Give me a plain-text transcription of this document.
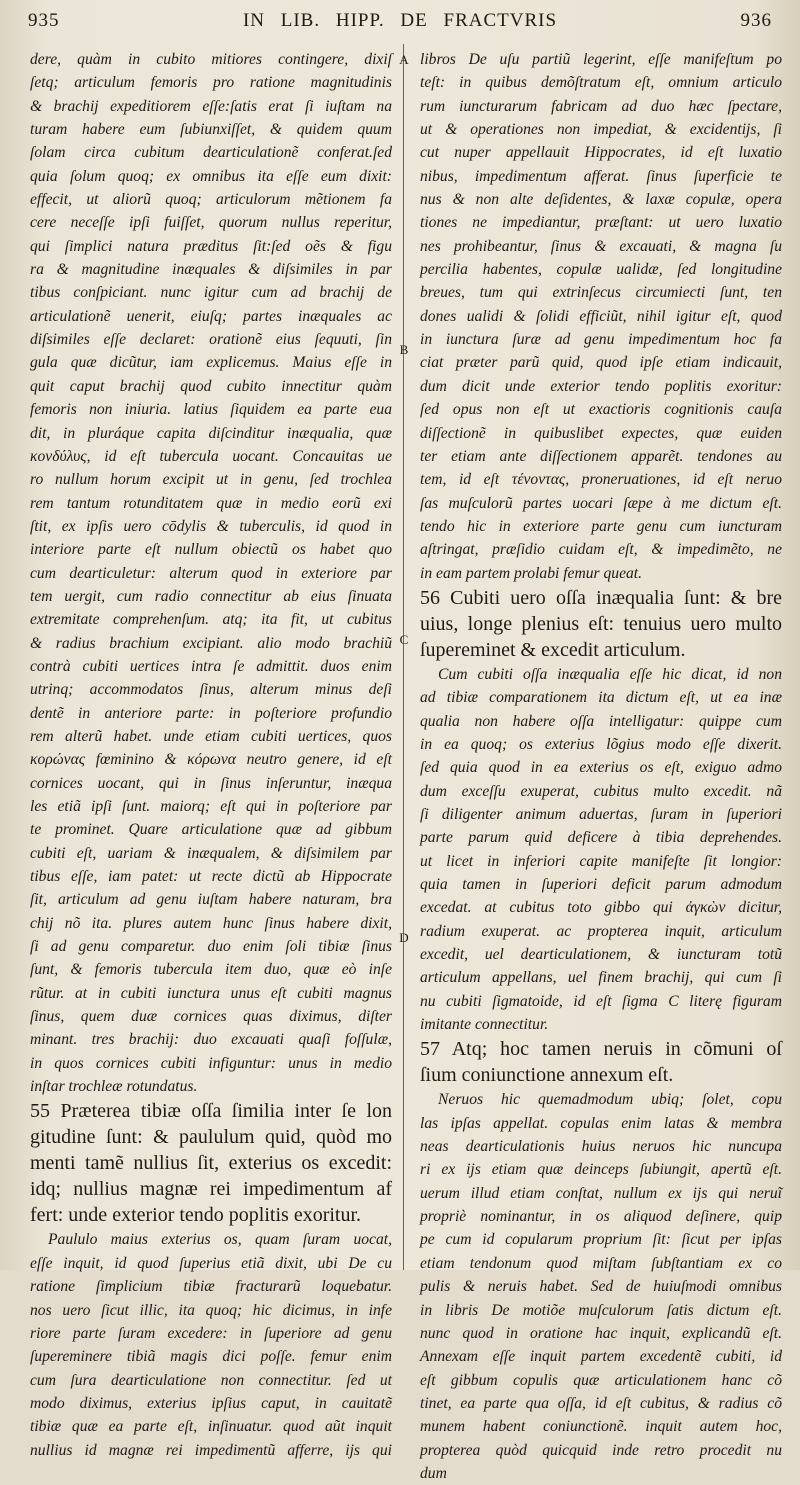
935	IN LIB. HIPP. DE FRACTVRIS	936
A
B
C
D

dere, quàm in cubito mitiores contingere, dixiſ

ſetq; articulum femoris pro ratione magnitudinis

& brachij expeditiorem eſſe:ſatis erat ſi iuſtam na

turam habere eum ſubiunxiſſet, & quidem quum

ſolam circa cubitum dearticulationẽ conferat.ſed

quia ſolum quoq; ex omnibus ita eſſe eum dixit:

effecit, ut aliorũ quoq; articulorum mẽtionem fa

cere neceſſe ipſi fuiſſet, quorum nullus reperitur,

qui ſimplici natura præditus ſit:ſed oẽs & figu

ra & magnitudine inæquales & diſsimiles in par

tibus conſpiciant. nunc igitur cum ad brachij de

articulationẽ uenerit, eiuſq; partes inæquales ac

diſsimiles eſſe declaret: orationẽ eius ſequuti, ſin

gula quæ dicũtur, iam explicemus. Maius eſſe in

quit caput brachij quod cubito innectitur quàm

femoris non iniuria. latius ſiquidem ea parte eua

dit, in pluráque capita diſcinditur inæqualia, quæ

κονδύλυς, id eſt tubercula uocant. Concauitas ue

ro nullum horum excipit ut in genu, ſed trochlea

rem tantum rotunditatem quæ in medio eorũ exi

ſtit, ex ipſis uero cōdylis & tuberculis, id quod in

interiore parte eſt nullum obiectũ os habet quo

cum dearticuletur: alterum quod in exteriore par

tem uergit, cum radio connectitur ab eius ſinuata

extremitate comprehenſum. atq; ita fit, ut cubitus

& radius brachium excipiant. alio modo brachiũ

contrà cubiti uertices intra ſe admittit. duos enim

utrinq; accommodatos ſinus, alterum minus deſi

dentẽ in anteriore parte: in poſteriore profundio

rem alterũ habet. unde etiam cubiti uertices, quos

κορώνας fœminino & κόρωνα neutro genere, id eſt

cornices uocant, qui in ſinus inſeruntur, inæqua

les etiã ipſi ſunt. maiorq; eſt qui in poſteriore par

te prominet. Quare articulatione quæ ad gibbum

cubiti eſt, uariam & inæqualem, & diſsimilem par

tibus eſſe, iam patet: ut recte dictũ ab Hippocrate

ſit, articulum ad genu iuſtam habere naturam, bra

chij nõ ita. plures autem hunc ſinus habere dixit,

ſi ad genu comparetur. duo enim ſoli tibiæ ſinus

ſunt, & femoris tubercula item duo, quæ eò inſe

rũtur. at in cubiti iunctura unus eſt cubiti magnus

ſinus, quem duæ cornices quas diximus, diſter

minant. tres brachij: duo excauati quaſi foſſulæ,

in quos cornices cubiti infiguntur: unus in medio

inſtar trochleæ rotundatus.

55 Præterea tibiæ oſſa ſimilia inter ſe lon

gitudine ſunt: & paululum quid, quòd mo

menti tamẽ nullius ſit, exterius os excedit:

idq; nullius magnæ rei impedimentum af

fert: unde exterior tendo poplitis exoritur.

Paululo maius exterius os, quam ſuram uocat,

eſſe inquit, id quod ſuperius etiã dixit, ubi De cu

ratione ſimplicium tibiæ fracturarũ loquebatur.

nos uero ſicut illic, ita quoq; hic dicimus, in infe

riore parte ſuram excedere: in ſuperiore ad genu

ſupereminere tibiã magis dici poſſe. femur enim

cum ſura dearticulatione non connectitur. ſed ut

modo diximus, exterius ipſius caput, in cauitatẽ

tibiæ quæ ea parte eſt, inſinuatur. quod aũt inquit

nullius id magnæ rei impedimentũ afferre, ijs qui

libros De uſu partiũ legerint, eſſe manifeſtum po

teſt: in quibus demõſtratum eſt, omnium articulo

rum iuncturarum fabricam ad duo hæc ſpectare,

ut & operationes non impediat, & excidentijs, ſi

cut nuper appellauit Hippocrates, id eſt luxatio

nibus, impedimentum afferat. ſinus ſuperficie te

nus & non alte deſidentes, & laxæ copulæ, opera

tiones ne impediantur, præſtant: ut uero luxatio

nes prohibeantur, ſinus & excauati, & magna ſu

percilia habentes, copulæ ualidæ, ſed longitudine

breues, tum qui extrinſecus circumiecti ſunt, ten

dones ualidi & ſolidi efficiũt, nihil igitur eſt, quod

in iunctura ſuræ ad genu impedimentum hoc fa

ciat præter parũ quid, quod ipſe etiam indicauit,

dum dicit unde exterior tendo poplitis exoritur:

ſed opus non eſt ut exactioris cognitionis cauſa

diſſectionẽ in quibuslibet expectes, quæ euiden

ter etiam ante diſſectionem apparẽt. tendones au

tem, id eſt τένοντας, proneruationes, id eſt neruo

ſas muſculorũ partes uocari ſæpe à me dictum eſt.

tendo hic in exteriore parte genu cum iuncturam

aſtringat, præſidio cuidam eſt, & impedimẽto, ne

in eam partem prolabi femur queat.

56 Cubiti uero oſſa inæqualia ſunt: & bre

uius, longe plenius eſt: tenuius uero multo

ſupereminet & excedit articulum.

Cum cubiti oſſa inæqualia eſſe hic dicat, id non

ad tibiæ comparationem ita dictum eſt, ut ea inæ

qualia non habere oſſa intelligatur: quippe cum

in ea quoq; os exterius lõgius modo eſſe dixerit.

ſed quia quod in ea exterius os eſt, exiguo admo

dum exceſſu exuperat, cubitus multo excedit. nã

ſi diligenter animum aduertas, ſuram in ſuperiori

parte parum quid deficere à tibia deprehendes.

ut licet in inferiori capite manifeſte ſit longior:

quia tamen in ſuperiori deficit parum admodum

excedat. at cubitus toto gibbo qui ἀγκὼν dicitur,

radium exuperat. ac propterea inquit, articulum

excedit, uel dearticulationem, & iuncturam totũ

articulum appellans, uel finem brachij, qui cum ſi

nu cubiti ſigmatoide, id eſt ſigma C literę figuram

imitante connectitur.

57 Atq; hoc tamen neruis in cõmuni oſ

ſium coniunctione annexum eſt.

Neruos hic quemadmodum ubiq; ſolet, copu

las ipſas appellat. copulas enim latas & membra

neas dearticulationis huius neruos hic nuncupa

ri ex ijs etiam quæ deinceps ſubiungit, apertũ eſt.

uerum illud etiam conſtat, nullum ex ijs qui neruĩ

propriè nominantur, in os aliquod deſinere, quip

pe cum id copularum proprium ſit: ſicut per ipſas

etiam tendonum quod miſtam ſubſtantiam ex co

pulis & neruis habet. Sed de huiuſmodi omnibus

in libris De motiõe muſculorum ſatis dictum eſt.

nunc quod in oratione hac inquit, explicandũ eſt.

Annexam eſſe inquit partem excedentẽ cubiti, id

eſt gibbum copulis quæ articulationem hanc cõ

tinet, ea parte qua oſſa, id eſt cubitus, & radius cõ

munem habent coniunctionẽ. inquit autem hoc,

propterea quòd quicquid inde retro procedit nu

dum
